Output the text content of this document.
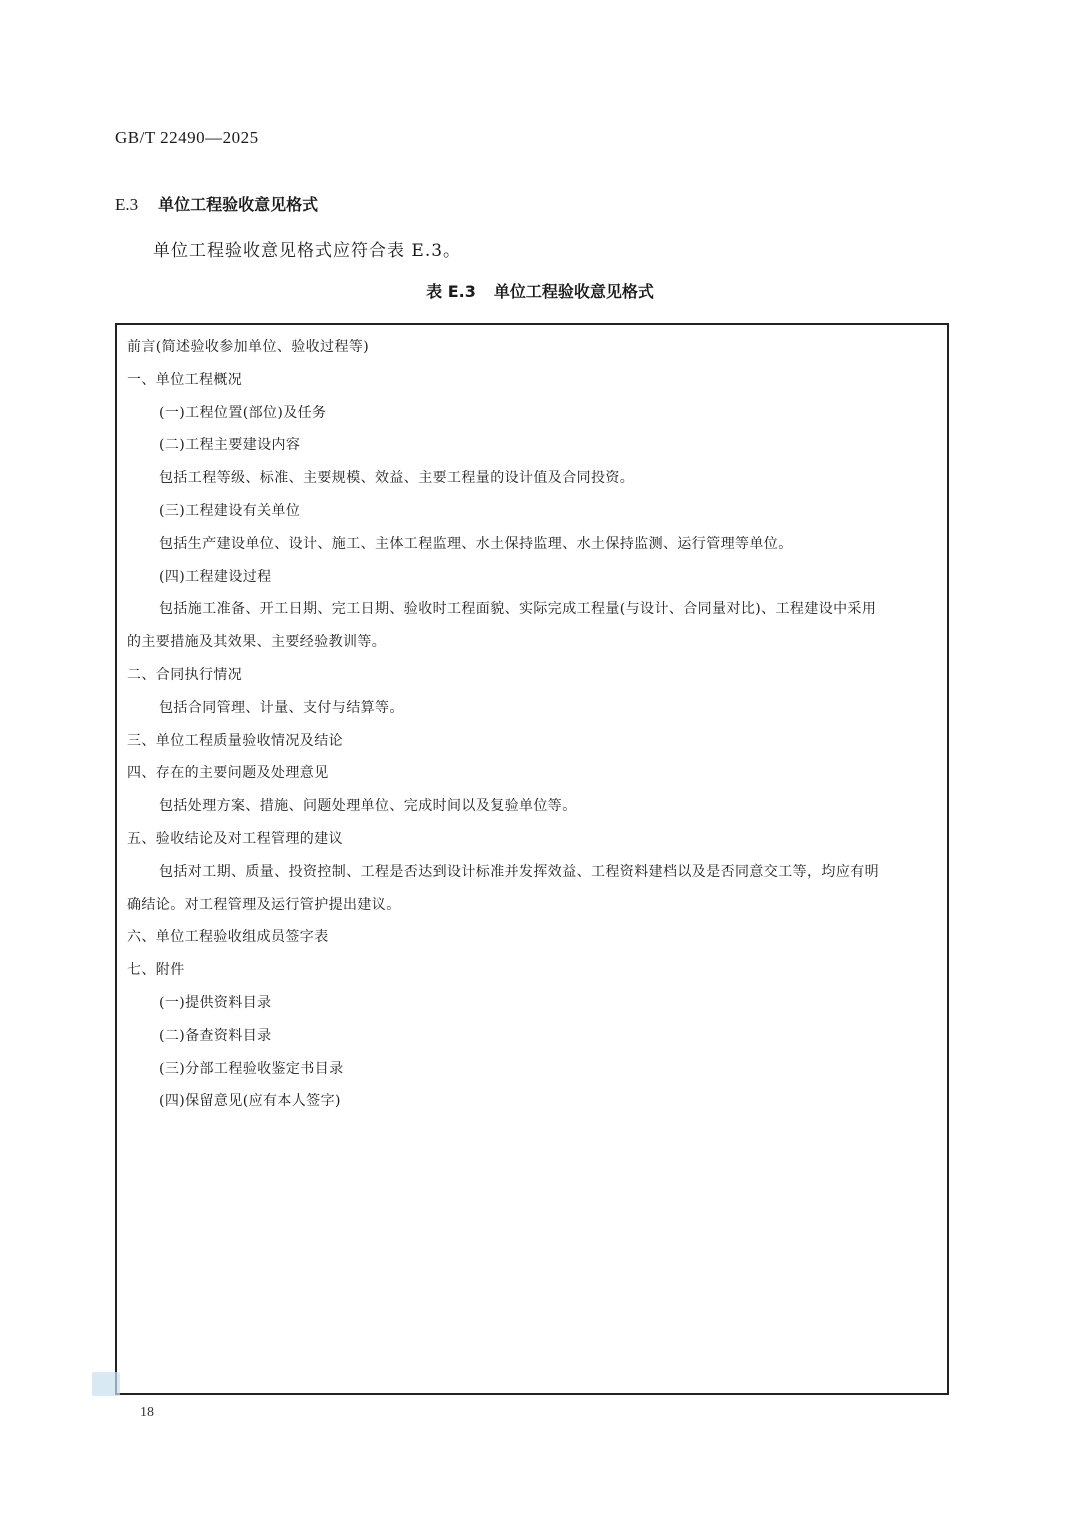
GB/T 22490—2025
E.3 单位工程验收意见格式
单位工程验收意见格式应符合表 E.3。
表 E.3 单位工程验收意见格式
前言(简述验收参加单位、验收过程等)
一、单位工程概况
(一)工程位置(部位)及任务
(二)工程主要建设内容
包括工程等级、标准、主要规模、效益、主要工程量的设计值及合同投资。
(三)工程建设有关单位
包括生产建设单位、设计、施工、主体工程监理、水土保持监理、水土保持监测、运行管理等单位。
(四)工程建设过程
包括施工准备、开工日期、完工日期、验收时工程面貌、实际完成工程量(与设计、合同量对比)、工程建设中采用
的主要措施及其效果、主要经验教训等。
二、合同执行情况
包括合同管理、计量、支付与结算等。
三、单位工程质量验收情况及结论
四、存在的主要问题及处理意见
包括处理方案、措施、问题处理单位、完成时间以及复验单位等。
五、验收结论及对工程管理的建议
包括对工期、质量、投资控制、工程是否达到设计标准并发挥效益、工程资料建档以及是否同意交工等，均应有明
确结论。对工程管理及运行管护提出建议。
六、单位工程验收组成员签字表
七、附件
(一)提供资料目录
(二)备查资料目录
(三)分部工程验收鉴定书目录
(四)保留意见(应有本人签字)
18
